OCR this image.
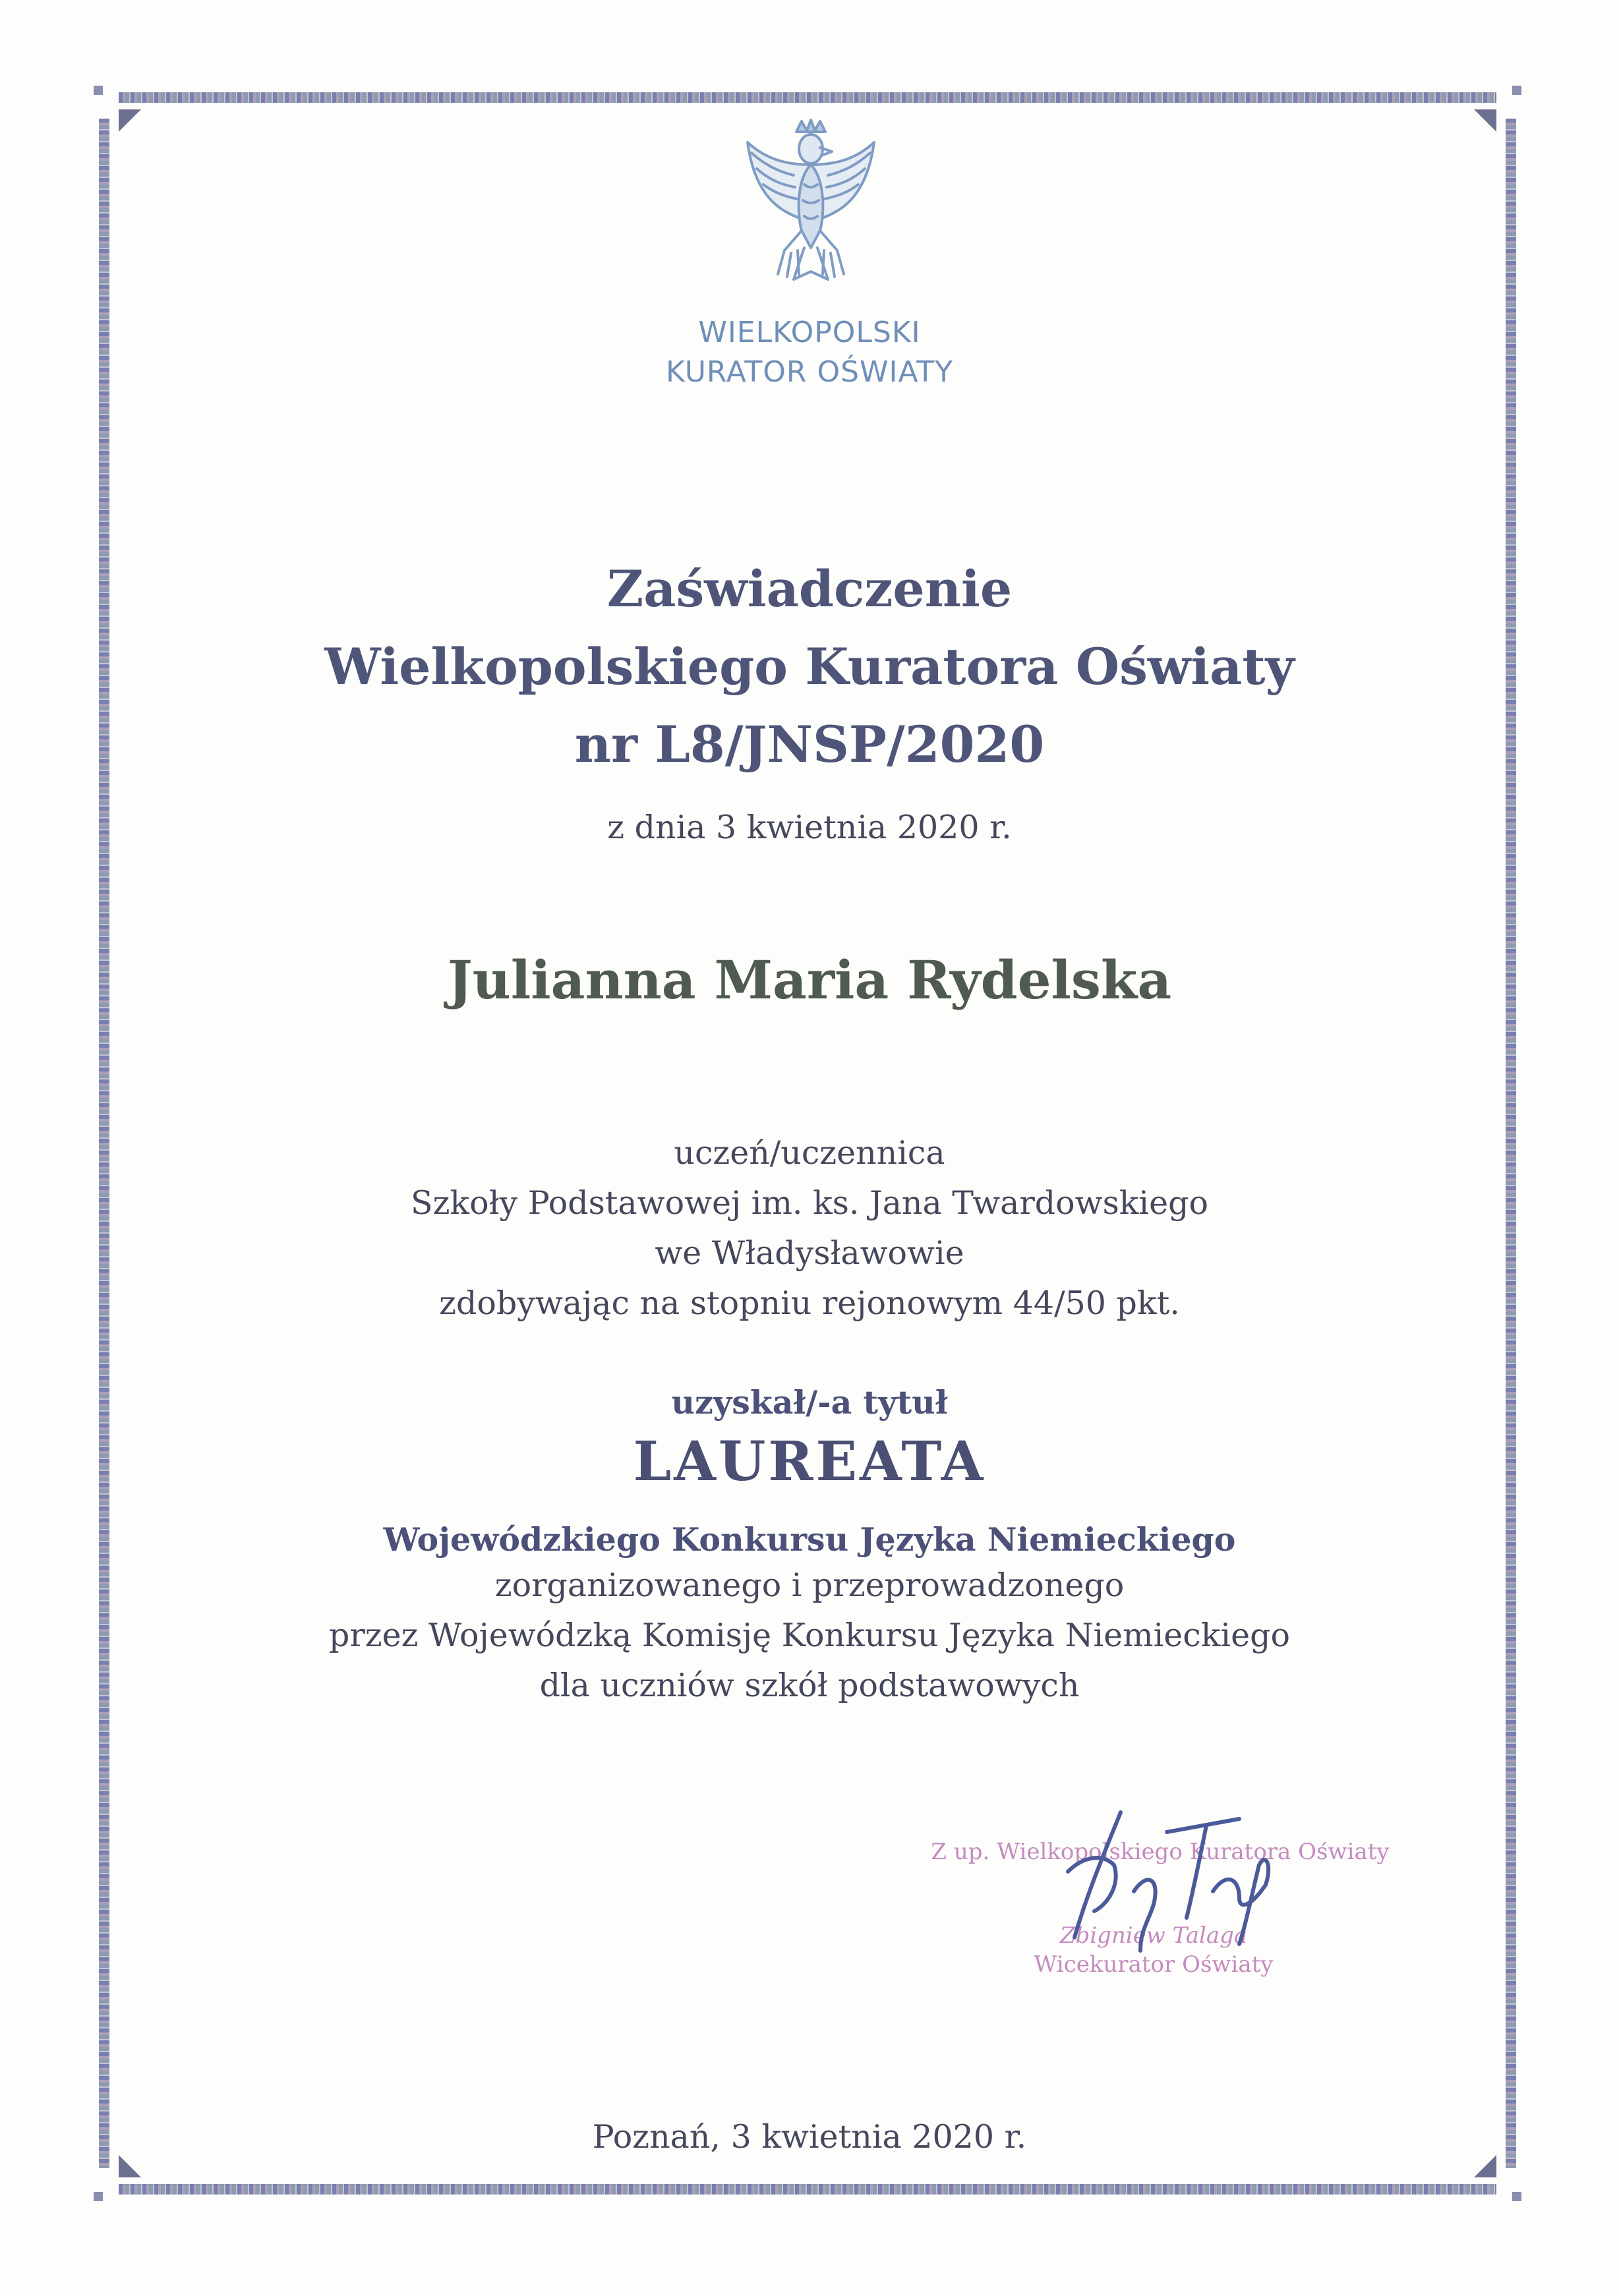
WIELKOPOLSKI
KURATOR OŚWIATY
Zaświadczenie
Wielkopolskiego Kuratora Oświaty
nr L8/JNSP/2020
z dnia 3 kwietnia 2020 r.
Julianna Maria Rydelska
uczeń/uczennica
Szkoły Podstawowej im. ks. Jana Twardowskiego
we Władysławowie
zdobywając na stopniu rejonowym 44/50 pkt.
uzyskał/-a tytuł
LAUREATA
Wojewódzkiego Konkursu Języka Niemieckiego
zorganizowanego i przeprowadzonego
przez Wojewódzką Komisję Konkursu Języka Niemieckiego
dla uczniów szkół podstawowych
Z up. Wielkopolskiego Kuratora Oświaty
Zbigniew Talaga
Wicekurator Oświaty
Poznań, 3 kwietnia 2020 r.
